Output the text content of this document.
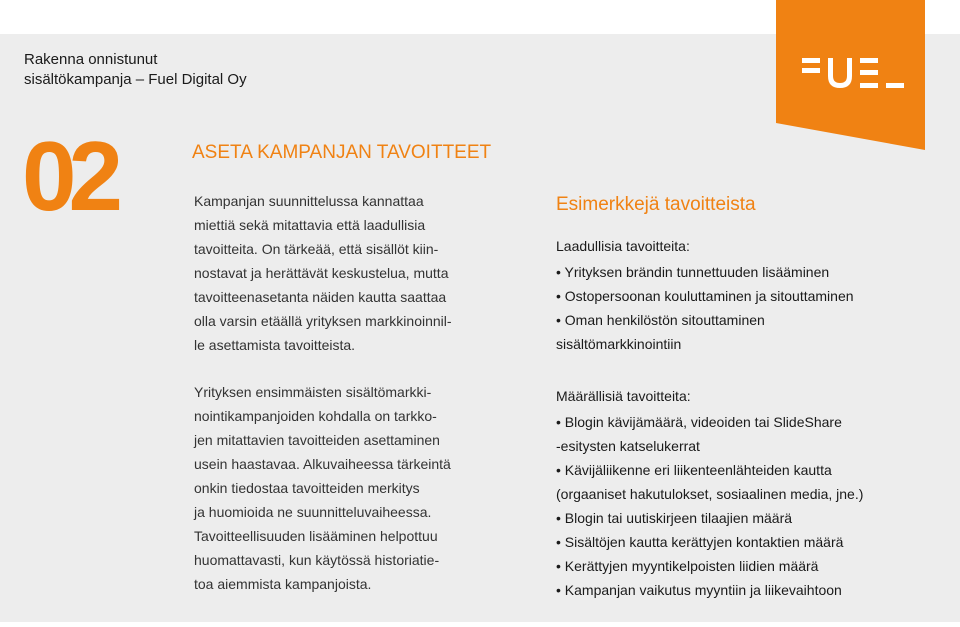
Rakenna onnistunut
sisältökampanja – Fuel Digital Oy
02	ASETA KAMPANJAN TAVOITTEET
Kampanjan suunnittelussa kannattaa
miettiä sekä mitattavia että laadullisia
tavoitteita. On tärkeää, että sisällöt kiin-
nostavat ja herättävät keskustelua, mutta
tavoitteenasetanta näiden kautta saattaa
olla varsin etäällä yrityksen markkinoinnil-
le asettamista tavoitteista.
Yrityksen ensimmäisten sisältömarkki-
nointikampanjoiden kohdalla on tarkko-
jen mitattavien tavoitteiden asettaminen
usein haastavaa. Alkuvaiheessa tärkeintä
onkin tiedostaa tavoitteiden merkitys
ja huomioida ne suunnitteluvaiheessa.
Tavoitteellisuuden lisääminen helpottuu
huomattavasti, kun käytössä historiatie-
toa aiemmista kampanjoista.
Esimerkkejä tavoitteista
Laadullisia tavoitteita:
• Yrityksen brändin tunnettuuden lisääminen
• Ostopersoonan kouluttaminen ja sitouttaminen
• Oman henkilöstön sitouttaminen
sisältömarkkinointiin
Määrällisiä tavoitteita:
• Blogin kävijämäärä, videoiden tai SlideShare
-esitysten katselukerrat
• Kävijäliikenne eri liikenteenlähteiden kautta
(orgaaniset hakutulokset, sosiaalinen media, jne.)
• Blogin tai uutiskirjeen tilaajien määrä
• Sisältöjen kautta kerättyjen kontaktien määrä
• Kerättyjen myyntikelpoisten liidien määrä
• Kampanjan vaikutus myyntiin ja liikevaihtoon
